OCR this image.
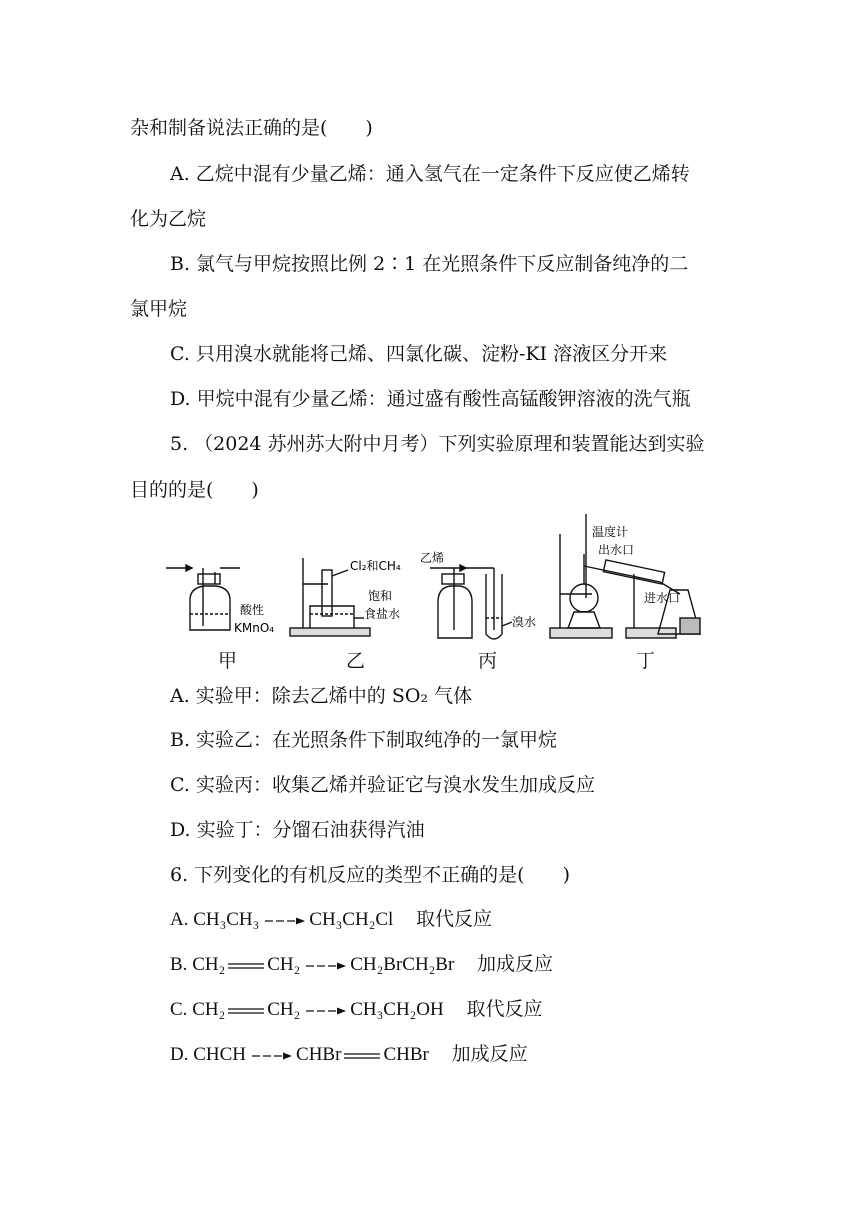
杂和制备说法正确的是(　　)
A. 乙烷中混有少量乙烯：通入氢气在一定条件下反应使乙烯转
化为乙烷
B. 氯气与甲烷按照比例 2∶1 在光照条件下反应制备纯净的二
氯甲烷
C. 只用溴水就能将己烯、四氯化碳、淀粉-KI 溶液区分开来
D. 甲烷中混有少量乙烯：通过盛有酸性高锰酸钾溶液的洗气瓶
5. （2024 苏州苏大附中月考）下列实验原理和装置能达到实验
目的的是(　　)
酸性
KMnO₄
Cl₂和CH₄
饱和
食盐水
乙烯
溴水
温度计
出水口
进水口
甲	乙	丙	丁
A. 实验甲：除去乙烯中的 SO₂ 气体
B. 实验乙：在光照条件下制取纯净的一氯甲烷
C. 实验丙：收集乙烯并验证它与溴水发生加成反应
D. 实验丁：分馏石油获得汽油
6. 下列变化的有机反应的类型不正确的是(　　)
A. CH₃CH₃	CH₃CH₂Cl 取代反应
B. CH₂ CH₂	CH₂BrCH₂Br 加成反应
C. CH₂ CH₂	CH₃CH₂OH 取代反应
D. CHCH	CHBr CHBr 加成反应
